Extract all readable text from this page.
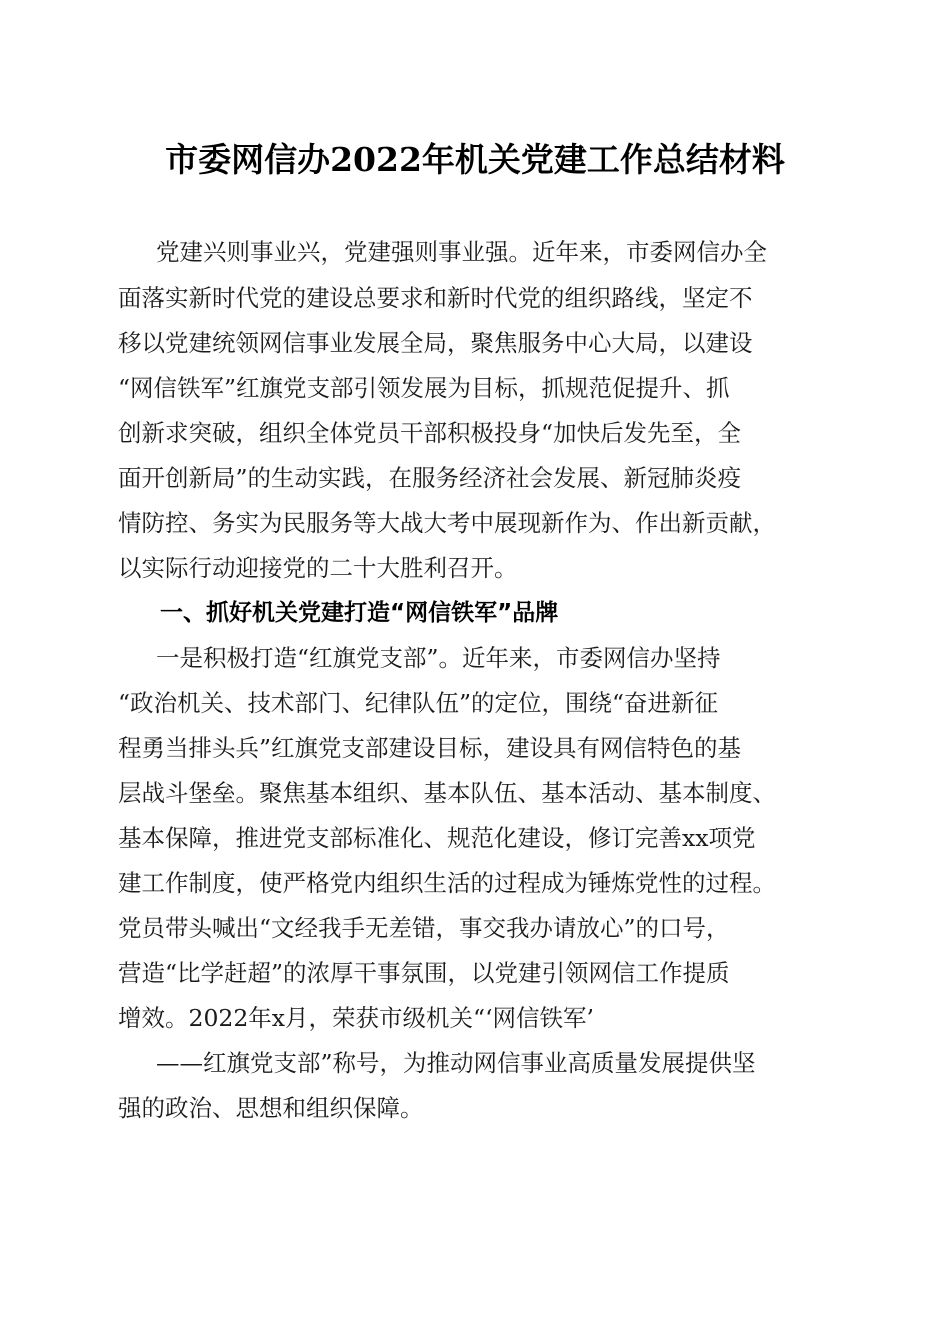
市委网信办2022年机关党建工作总结材料
党建兴则事业兴，党建强则事业强。近年来，市委网信办全
面落实新时代党的建设总要求和新时代党的组织路线，坚定不
移以党建统领网信事业发展全局，聚焦服务中心大局，以建设
“网信铁军”红旗党支部引领发展为目标，抓规范促提升、抓
创新求突破，组织全体党员干部积极投身“加快后发先至，全
面开创新局”的生动实践，在服务经济社会发展、新冠肺炎疫
情防控、务实为民服务等大战大考中展现新作为、作出新贡献，
以实际行动迎接党的二十大胜利召开。
一、抓好机关党建打造“网信铁军”品牌
一是积极打造“红旗党支部”。近年来，市委网信办坚持
“政治机关、技术部门、纪律队伍”的定位，围绕“奋进新征
程勇当排头兵”红旗党支部建设目标，建设具有网信特色的基
层战斗堡垒。聚焦基本组织、基本队伍、基本活动、基本制度、
基本保障，推进党支部标准化、规范化建设，修订完善xx项党
建工作制度，使严格党内组织生活的过程成为锤炼党性的过程。
党员带头喊出“文经我手无差错，事交我办请放心”的口号，
营造“比学赶超”的浓厚干事氛围，以党建引领网信工作提质
增效。2022年x月，荣获市级机关“‘网信铁军’
——红旗党支部”称号，为推动网信事业高质量发展提供坚
强的政治、思想和组织保障。
